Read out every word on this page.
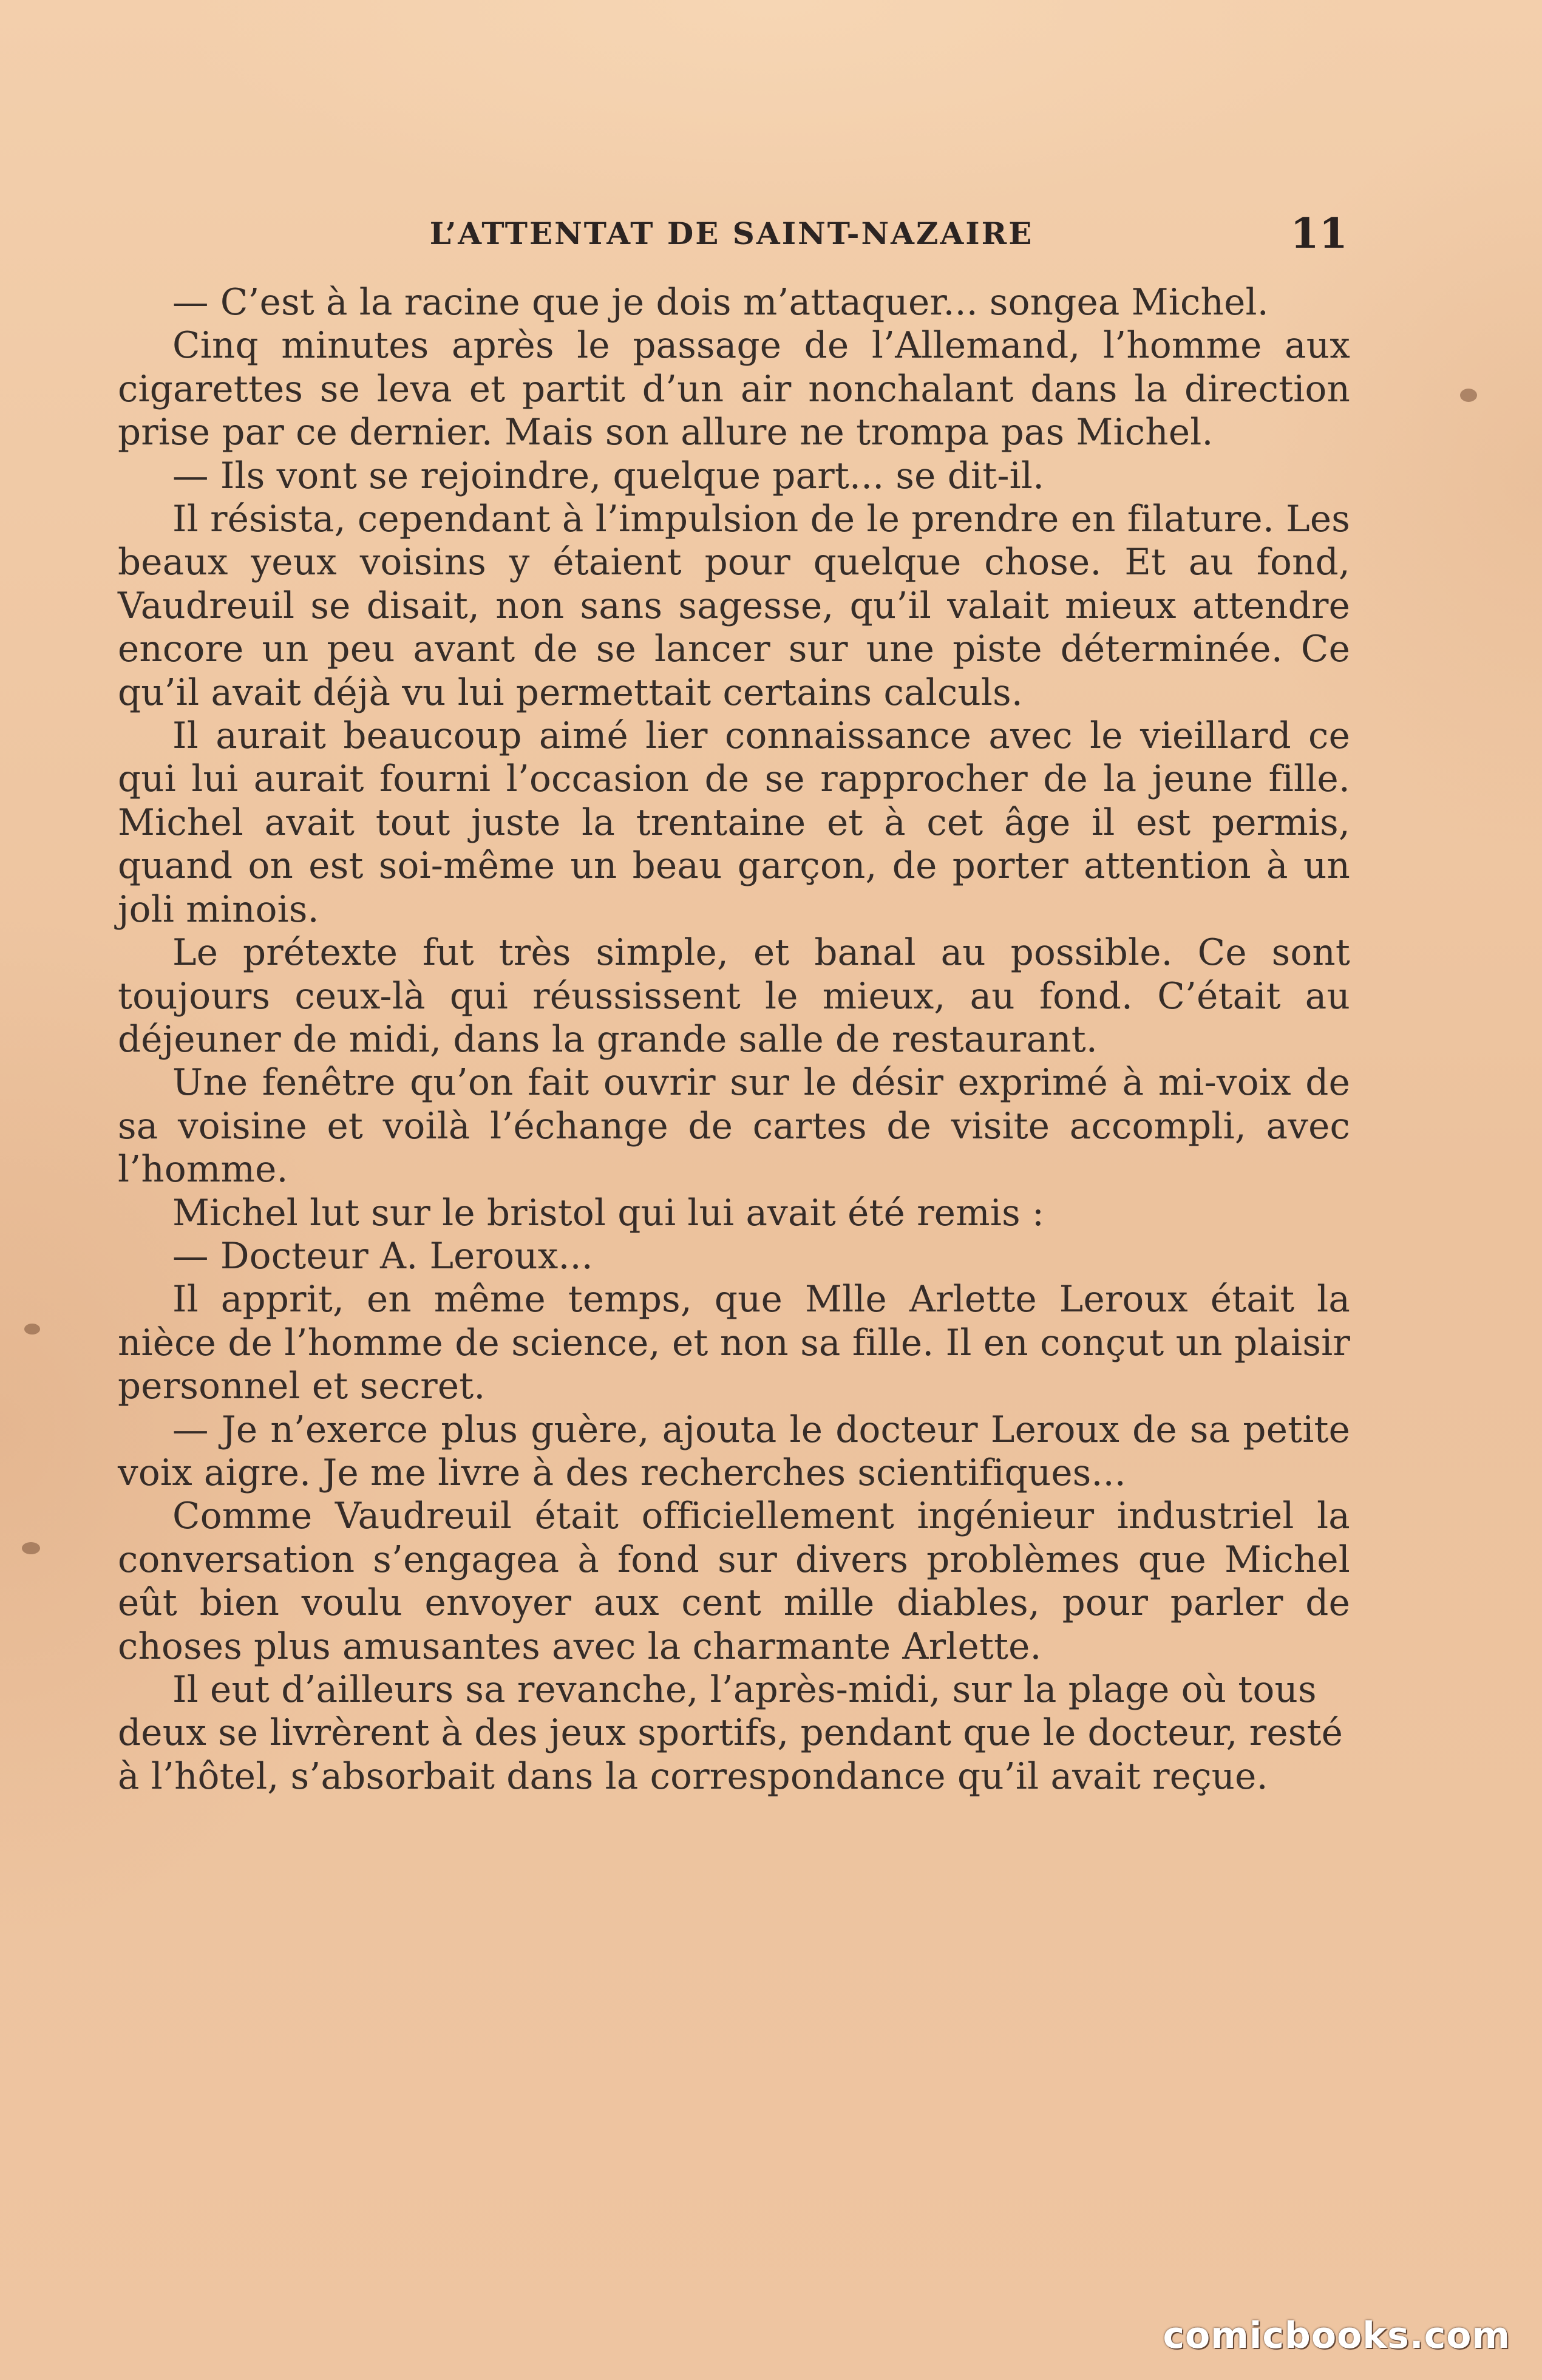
L’ATTENTAT DE SAINT-NAZAIRE	11

— C’est à la racine que je dois m’attaquer... songea Michel.

Cinq minutes après le passage de l’Allemand, l’homme aux cigarettes se leva et partit d’un air nonchalant dans la direction prise par ce dernier. Mais son allure ne trompa pas Michel.

— Ils vont se rejoindre, quelque part... se dit-il.

Il résista, cependant à l’impulsion de le prendre en filature. Les beaux yeux voisins y étaient pour quelque chose. Et au fond, Vaudreuil se disait, non sans sagesse, qu’il valait mieux attendre encore un peu avant de se lancer sur une piste déterminée. Ce qu’il avait déjà vu lui permettait certains calculs.

Il aurait beaucoup aimé lier connaissance avec le vieillard ce qui lui aurait fourni l’occasion de se rapprocher de la jeune fille. Michel avait tout juste la trentaine et à cet âge il est permis, quand on est soi-même un beau garçon, de porter attention à un joli minois.

Le prétexte fut très simple, et banal au possible. Ce sont toujours ceux-là qui réussissent le mieux, au fond. C’était au déjeuner de midi, dans la grande salle de restaurant.

Une fenêtre qu’on fait ouvrir sur le désir exprimé à mi-voix de sa voisine et voilà l’échange de cartes de visite accompli, avec l’homme.

Michel lut sur le bristol qui lui avait été remis :

— Docteur A. Leroux...

Il apprit, en même temps, que Mlle Arlette Leroux était la nièce de l’homme de science, et non sa fille. Il en conçut un plaisir personnel et secret.

— Je n’exerce plus guère, ajouta le docteur Leroux de sa petite voix aigre. Je me livre à des recherches scientifiques...

Comme Vaudreuil était officiellement ingénieur industriel la conversation s’engagea à fond sur divers problèmes que Michel eût bien voulu envoyer aux cent mille diables, pour parler de choses plus amusantes avec la charmante Arlette.

Il eut d’ailleurs sa revanche, l’après-midi, sur la plage où tous deux se livrèrent à des jeux sportifs, pendant que le docteur, resté à l’hôtel, s’absorbait dans la correspondance qu’il avait reçue.

comicbooks.com
